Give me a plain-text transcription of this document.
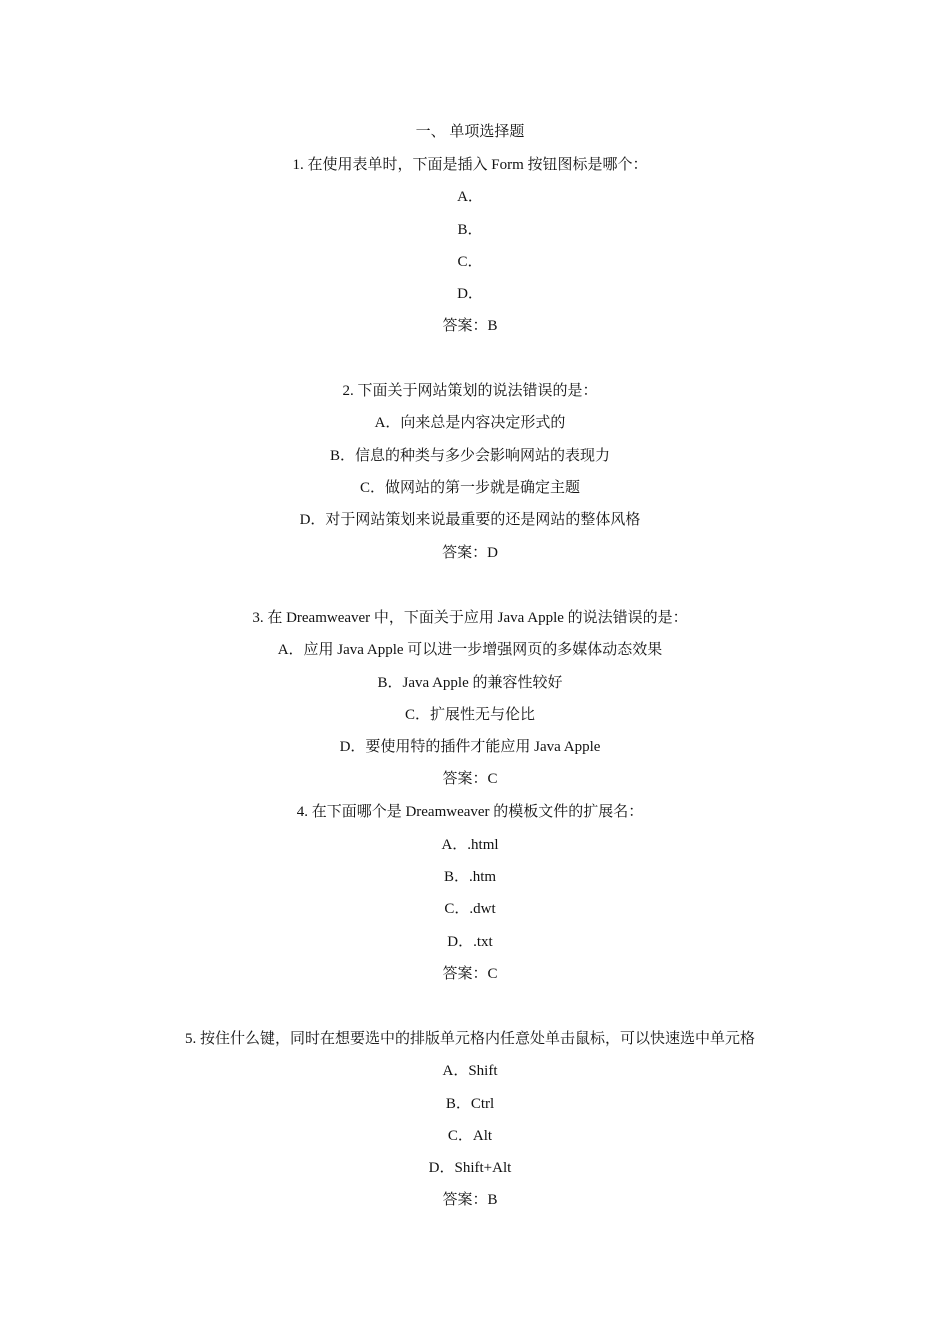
一、 单项选择题
1. 在使用表单时，下面是插入 Form 按钮图标是哪个：
A．
B．
C．
D．
答案：B
2. 下面关于网站策划的说法错误的是：
A．向来总是内容决定形式的
B．信息的种类与多少会影响网站的表现力
C．做网站的第一步就是确定主题
D．对于网站策划来说最重要的还是网站的整体风格
答案：D
3. 在 Dreamweaver 中，下面关于应用 Java Apple 的说法错误的是：
A．应用 Java Apple 可以进一步增强网页的多媒体动态效果
B．Java Apple 的兼容性较好
C．扩展性无与伦比
D．要使用特的插件才能应用 Java Apple
答案：C
4. 在下面哪个是 Dreamweaver 的模板文件的扩展名：
A．.html
B．.htm
C．.dwt
D．.txt
答案：C
5. 按住什么键，同时在想要选中的排版单元格内任意处单击鼠标，可以快速选中单元格
A．Shift
B．Ctrl
C．Alt
D．Shift+Alt
答案：B
